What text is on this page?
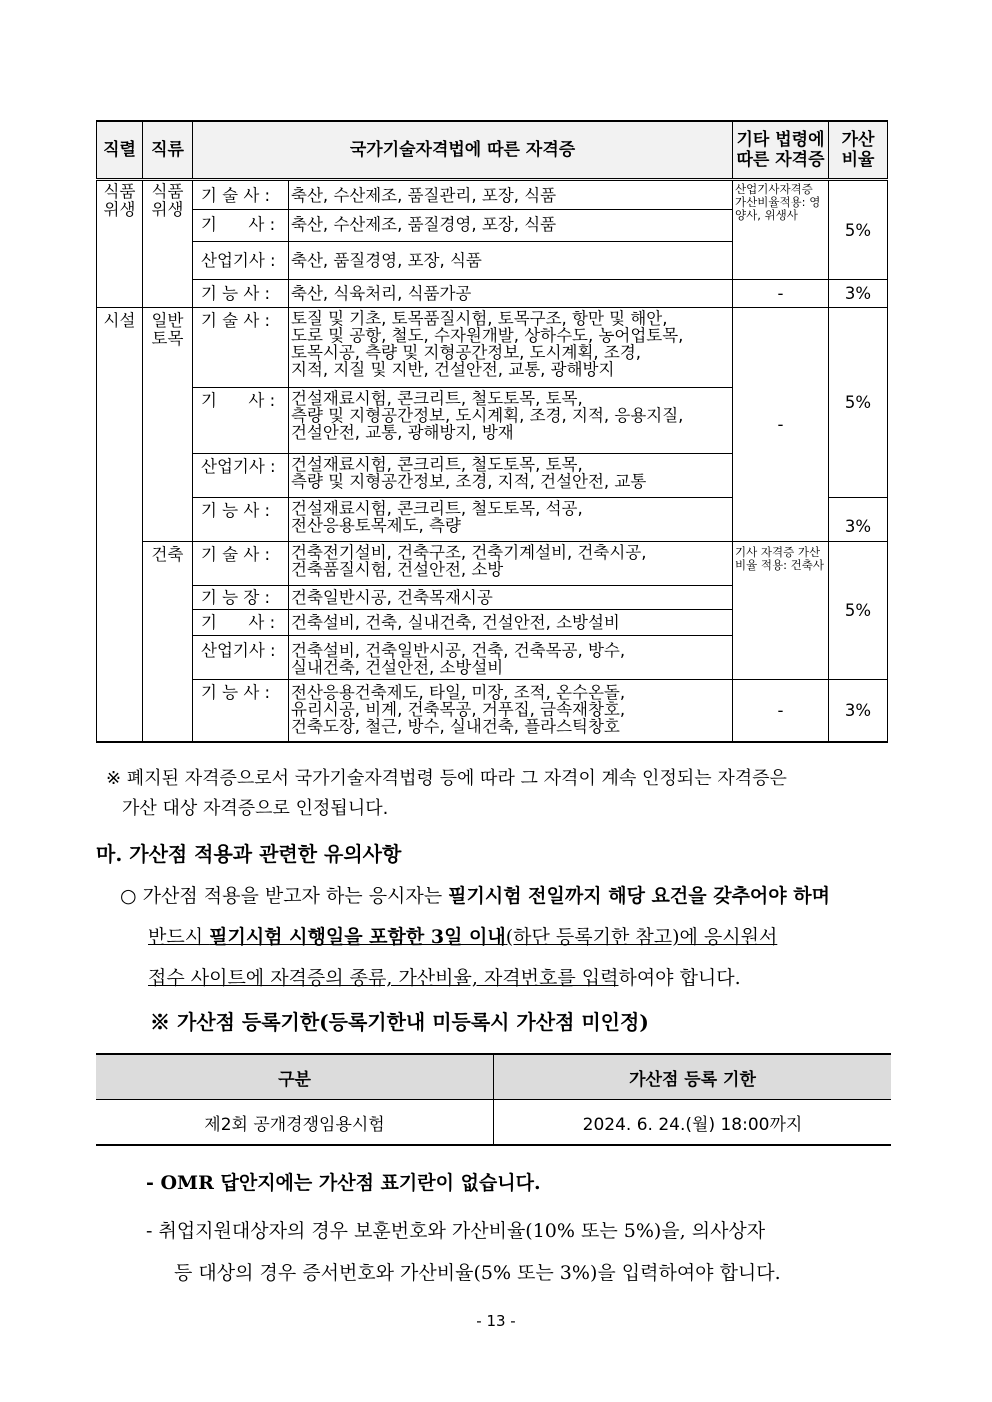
직렬	직류	국가기술자격법에 따른 자격증		기타 법령에 따른 자격증	가산 비율
식품 위생	식품 위생	기 술 사 :	축산, 수산제조, 품질관리, 포장, 식품	산업기사자격증 가산비율적용: 영양사, 위생사	5%
		기      사 :	축산, 수산제조, 품질경영, 포장, 식품		
		산업기사 :	축산, 품질경영, 포장, 식품		
		기 능 사 :	축산, 식육처리, 식품가공	-	3%
시설	일반 토목	기 술 사 :	토질 및 기초, 토목품질시험, 토목구조, 항만 및 해안,
도로 및 공항, 철도, 수자원개발, 상하수도, 농어업토목,
토목시공, 측량 및 지형공간정보, 도시계획, 조경,
지적, 지질 및 지반, 건설안전, 교통, 광해방지	-	5%
		기      사 :	건설재료시험, 콘크리트, 철도토목, 토목,
측량 및 지형공간정보, 도시계획, 조경, 지적, 응용지질,
건설안전, 교통, 광해방지, 방재		

		산업기사 :	건설재료시험, 콘크리트, 철도토목, 토목,
측량 및 지형공간정보, 조경, 지적, 건설안전, 교통		

		기 능 사 :	건설재료시험, 콘크리트, 철도토목, 석공,
전산응용토목제도, 측량		3%
	건축	기 술 사 :	건축전기설비, 건축구조, 건축기계설비, 건축시공,
건축품질시험, 건설안전, 소방	기사 자격증 가산비율 적용: 건축사	5%
		기 능 장 :	건축일반시공, 건축목재시공		

		기      사 :	건축설비, 건축, 실내건축, 건설안전, 소방설비		

		산업기사 :	건축설비, 건축일반시공, 건축, 건축목공, 방수,
실내건축, 건설안전, 소방설비		

		기 능 사 :	전산응용건축제도, 타일, 미장, 조적, 온수온돌,
유리시공, 비계, 건축목공, 거푸집, 금속재창호,
건축도장, 철근, 방수, 실내건축, 플라스틱창호	-	3%
※ 폐지된 자격증으로서 국가기술자격법령 등에 따라 그 자격이 계속 인정되는 자격증은
가산 대상 자격증으로 인정됩니다.
마. 가산점 적용과 관련한 유의사항
○ 가산점 적용을 받고자 하는 응시자는 필기시험 전일까지 해당 요건을 갖추어야 하며
반드시 필기시험 시행일을 포함한 3일 이내(하단 등록기한 참고)에 응시원서
접수 사이트에 자격증의 종류, 가산비율, 자격번호를 입력하여야 합니다.
※ 가산점 등록기한(등록기한내 미등록시 가산점 미인정)
구분	가산점 등록 기한
제2회 공개경쟁임용시험	2024. 6. 24.(월) 18:00까지
- OMR 답안지에는 가산점 표기란이 없습니다.
- 취업지원대상자의 경우 보훈번호와 가산비율(10% 또는 5%)을, 의사상자
등 대상의 경우 증서번호와 가산비율(5% 또는 3%)을 입력하여야 합니다.
- 13 -
